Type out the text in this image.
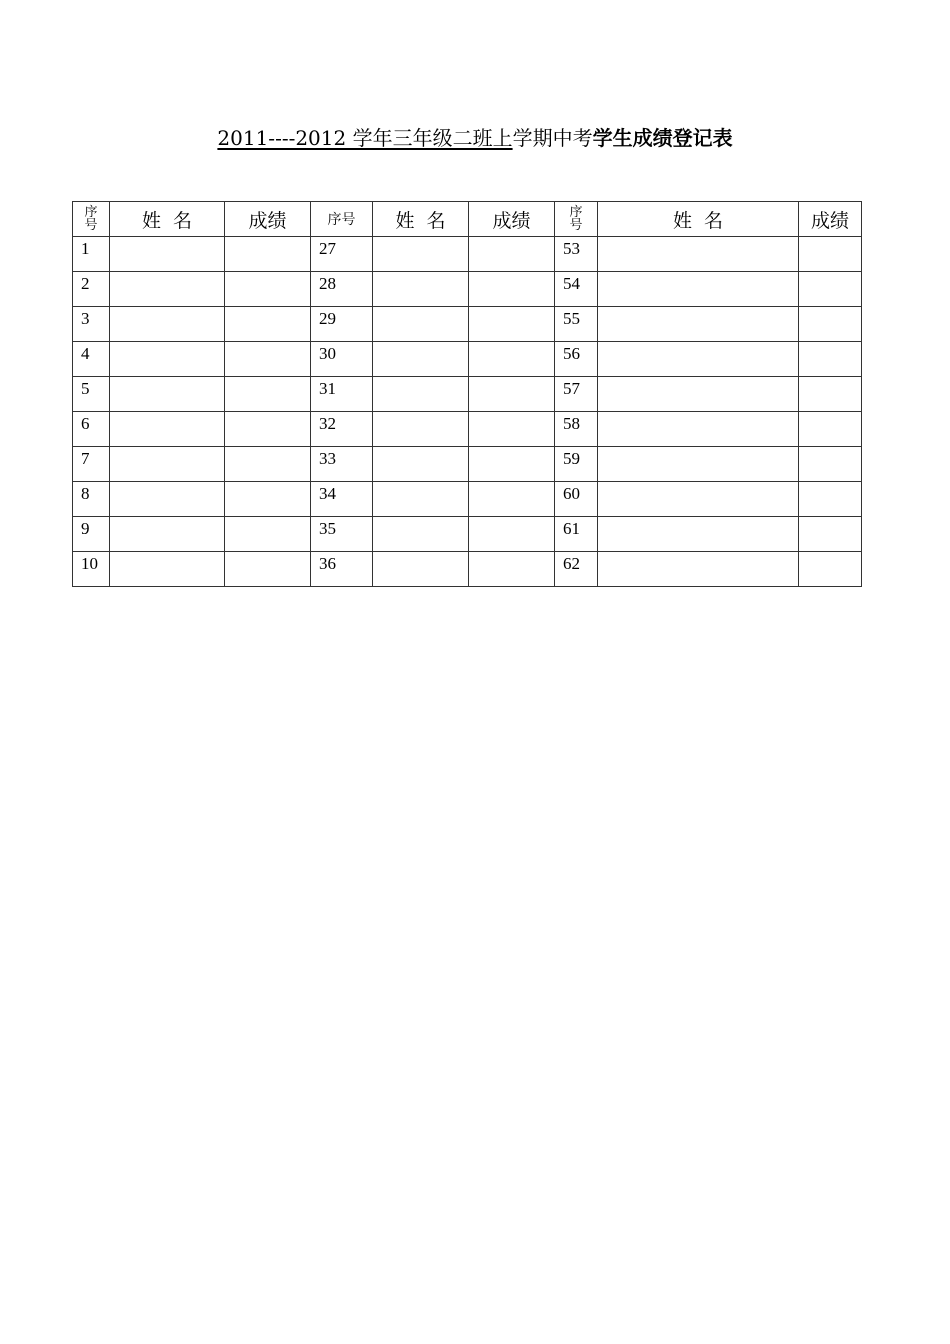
2011----2012 学年三年级二班上学期中考学生成绩登记表
序号	姓  名	成绩	序号	姓  名	成绩	序号	姓  名	成绩
1			27			53		
2			28			54		
3			29			55		
4			30			56		
5			31			57		
6			32			58		
7			33			59		
8			34			60		
9			35			61		
10			36			62		
